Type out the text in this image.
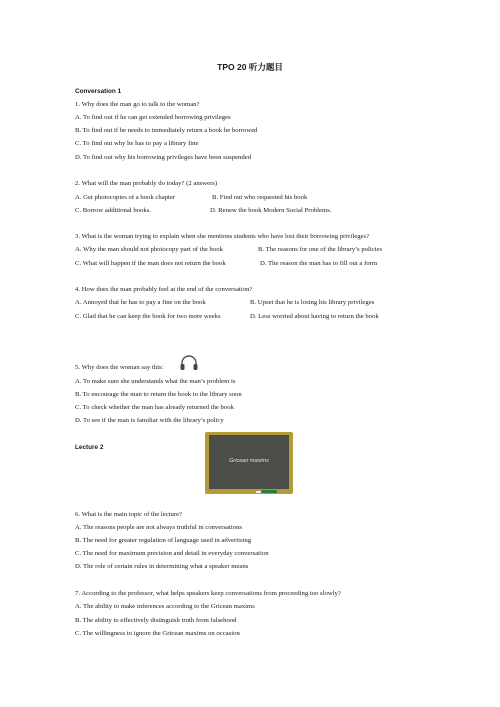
TPO 20 听力题目
Conversation 1
1. Why does the man go to talk to the woman?
A. To find out if he can get extended borrowing privileges
B. To find out if he needs to immediately return a book he borrowed
C. To find out why he has to pay a library fine
D. To find out why his borrowing privileges have been suspended
2. What will the man probably do today? (2 answers)
A. Get photocopies of a book chapter	B. Find out who requested his book
C. Borrow additional books.	D. Renew the book Modern Social Problems.
3. What is the woman trying to explain when she mentions students who have lost their borrowing privileges?
A. Why the man should not photocopy part of the book	B. The reasons for one of the library’s policies
C. What will happen if the man does not return the book	D. The reason the man has to fill out a form
4. How does the man probably feel at the end of the conversation?
A. Annoyed that he has to pay a fine on the book	B. Upset that he is losing his library privileges
C. Glad that he can keep the book for two more weeks	D. Less worried about having to return the book
5. Why does the woman say this:
A. To make sure she understands what the man’s problem is
B. To encourage the man to return the book to the library soon
C. To check whether the man has already returned the book
D. To see if the man is familiar with the library’s policy
Lecture 2
Gricean maxims
6. What is the main topic of the lecture?
A. The reasons people are not always truthful in conversations
B. The need for greater regulation of language used in advertising
C. The need for maximum precision and detail in everyday conversation
D. The role of certain rules in determining what a speaker means
7. According to the professor, what helps speakers keep conversations from proceeding too slowly?
A. The ability to make inferences according to the Gricean maxims
B. The ability to effectively distinguish truth from falsehood
C. The willingness to ignore the Gricean maxims on occasion
